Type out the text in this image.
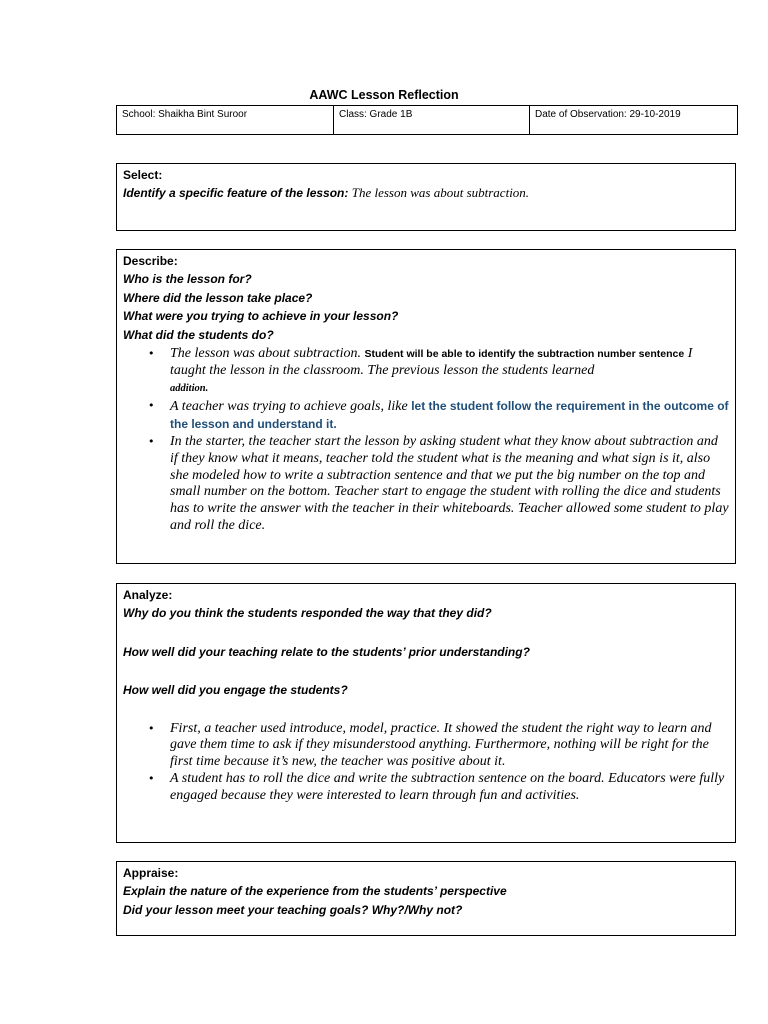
AAWC Lesson Reflection
School: Shaikha Bint Suroor	Class: Grade 1B	Date of Observation: 29-10-2019
Select:
Identify a specific feature of the lesson: The lesson was about subtraction.
Describe:
Who is the lesson for?
Where did the lesson take place?
What were you trying to achieve in your lesson?
What did the students do?
• The lesson was about subtraction. Student will be able to identify the subtraction number sentence I taught the lesson in the classroom. The previous lesson the students learned
addition.
• A teacher was trying to achieve goals, like let the student follow the requirement in the outcome of the lesson and understand it.
• In the starter, the teacher start the lesson by asking student what they know about subtraction and if they know what it means, teacher told the student what is the meaning and what sign is it, also she modeled how to write a subtraction sentence and that we put the big number on the top and small number on the bottom. Teacher start to engage the student with rolling the dice and students has to write the answer with the teacher in their whiteboards. Teacher allowed some student to play and roll the dice.
Analyze:
Why do you think the students responded the way that they did?
How well did your teaching relate to the students’ prior understanding?
How well did you engage the students?
• First, a teacher used introduce, model, practice. It showed the student the right way to learn and gave them time to ask if they misunderstood anything. Furthermore, nothing will be right for the first time because it’s new, the teacher was positive about it.
• A student has to roll the dice and write the subtraction sentence on the board. Educators were fully engaged because they were interested to learn through fun and activities.
Appraise:
Explain the nature of the experience from the students’ perspective
Did your lesson meet your teaching goals? Why?/Why not?
